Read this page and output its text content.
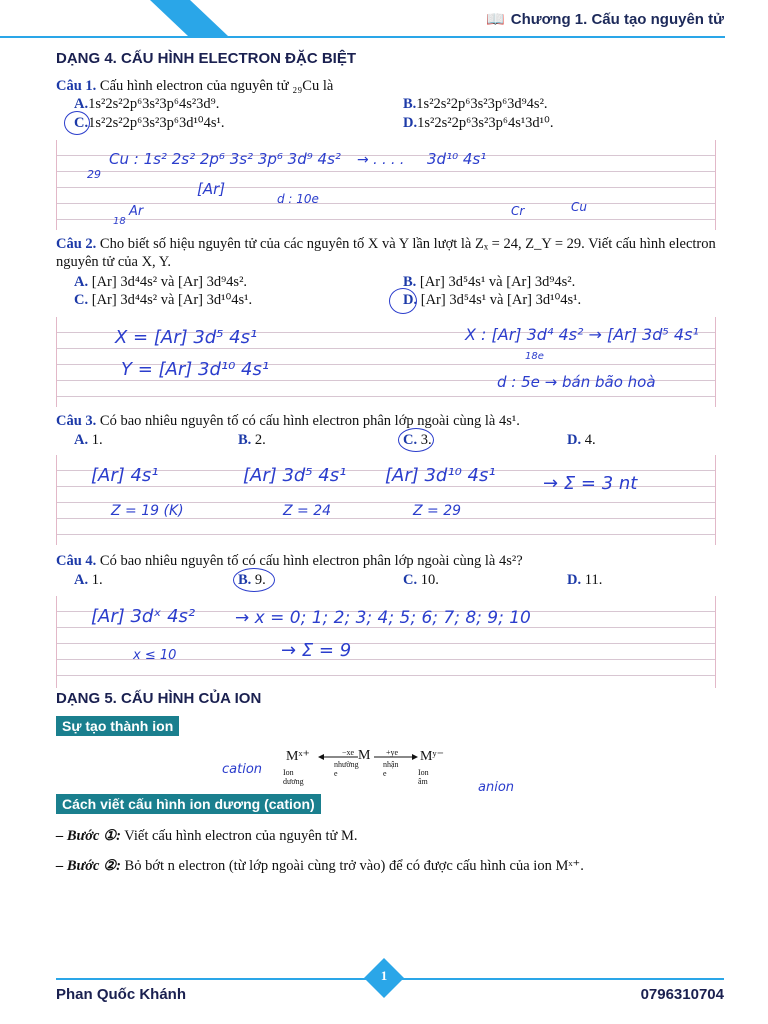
📖 Chương 1. Cấu tạo nguyên tử
DẠNG 4. CẤU HÌNH ELECTRON ĐẶC BIỆT
Câu 1. Cấu hình electron của nguyên tử ₂₉Cu là
A.1s²2s²2p⁶3s²3p⁶4s²3d⁹.	B.1s²2s²2p⁶3s²3p⁶3d⁹4s².
C.1s²2s²2p⁶3s²3p⁶3d¹⁰4s¹.	D.1s²2s²2p⁶3s²3p⁶4s¹3d¹⁰.
29
Cu : 1s² 2s² 2p⁶ 3s² 3p⁶ 3d⁹ 4s² → . . . . 3d¹⁰ 4s¹
[Ar]
d : 10e
18
Ar	Cr	Cu
Câu 2. Cho biết số hiệu nguyên tử của các nguyên tố X và Y lần lượt là Zₓ = 24, Z_Y = 29. Viết cấu hình electron nguyên tử của X, Y.
A. [Ar] 3d⁴4s² và [Ar] 3d⁹4s².	B. [Ar] 3d⁵4s¹ và [Ar] 3d⁹4s².
C. [Ar] 3d⁴4s² và [Ar] 3d¹⁰4s¹.	D. [Ar] 3d⁵4s¹ và [Ar] 3d¹⁰4s¹.
X = [Ar] 3d⁵ 4s¹
Y = [Ar] 3d¹⁰ 4s¹
X : [Ar] 3d⁴ 4s² → [Ar] 3d⁵ 4s¹
18e
d : 5e → bán bão hoà
Câu 3. Có bao nhiêu nguyên tố có cấu hình electron phân lớp ngoài cùng là 4s¹.
A. 1.	B. 2.	C. 3.	D. 4.
[Ar] 4s¹
Z = 19 (K)
[Ar] 3d⁵ 4s¹
Z = 24
[Ar] 3d¹⁰ 4s¹
Z = 29
→ Σ = 3 nt
Câu 4. Có bao nhiêu nguyên tố có cấu hình electron phân lớp ngoài cùng là 4s²?
A. 1.	B. 9.	C. 10.	D. 11.
[Ar] 3dˣ 4s² → x = 0; 1; 2; 3; 4; 5; 6; 7; 8; 9; 10
x ≤ 10	→ Σ = 9
DẠNG 5. CẤU HÌNH CỦA ION
Sự tạo thành ion
Mˣ⁺
Ion dương
−xe
nhường e
M +ye
nhận e
Mʸ⁻
Ion âm
cation
anion
Cách viết cấu hình ion dương (cation)
– Bước ①: Viết cấu hình electron của nguyên tử M.
– Bước ②: Bỏ bớt n electron (từ lớp ngoài cùng trở vào) để có được cấu hình của ion Mˣ⁺.
1
Phan Quốc Khánh	0796310704
